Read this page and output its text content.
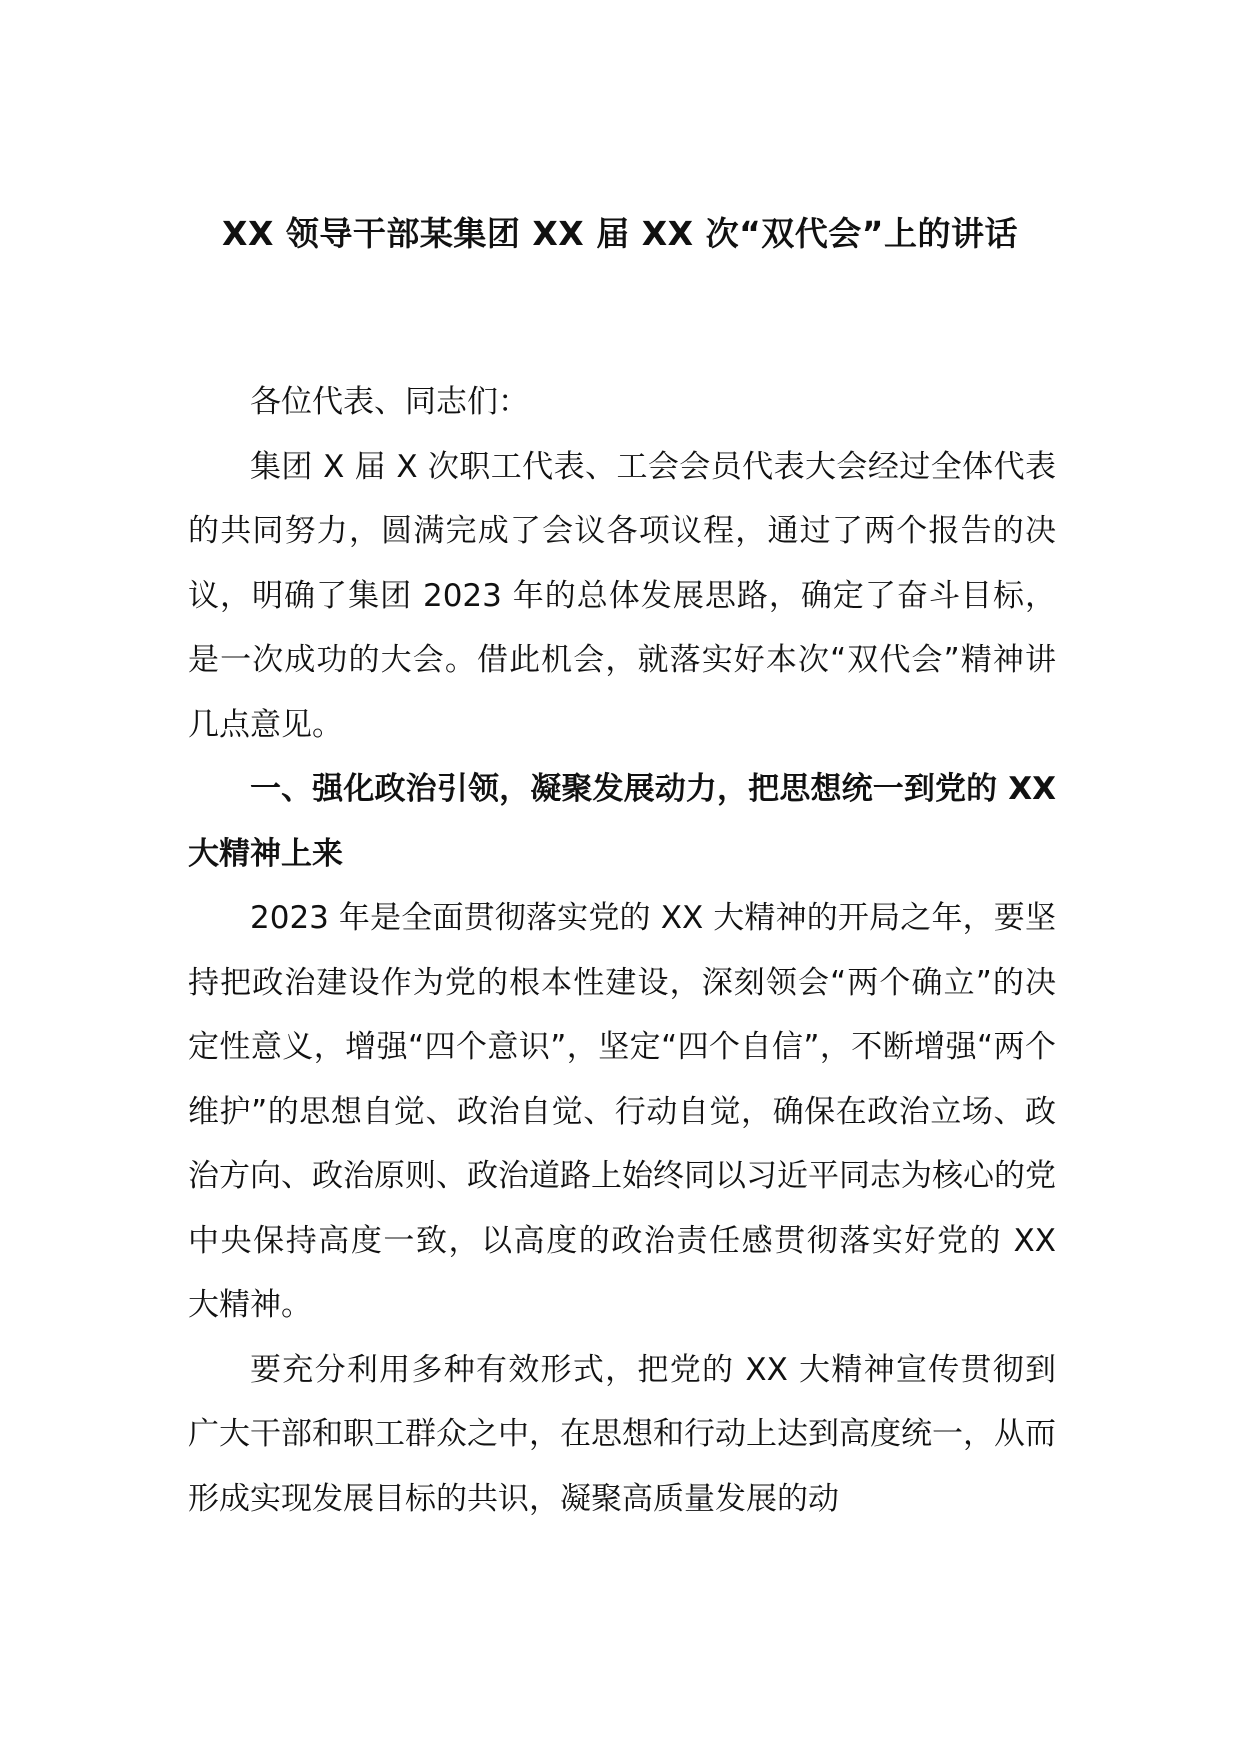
XX 领导干部某集团 XX 届 XX 次“双代会”上的讲话

各位代表、同志们：

集团 X 届 X 次职工代表、工会会员代表大会经过全体代表的共同努力，圆满完成了会议各项议程，通过了两个报告的决议，明确了集团 2023 年的总体发展思路，确定了奋斗目标，是一次成功的大会。借此机会，就落实好本次“双代会”精神讲几点意见。

一、强化政治引领，凝聚发展动力，把思想统一到党的 XX 大精神上来

2023 年是全面贯彻落实党的 XX 大精神的开局之年，要坚持把政治建设作为党的根本性建设，深刻领会“两个确立”的决定性意义，增强“四个意识”，坚定“四个自信”，不断增强“两个维护”的思想自觉、政治自觉、行动自觉，确保在政治立场、政治方向、政治原则、政治道路上始终同以习近平同志为核心的党中央保持高度一致，以高度的政治责任感贯彻落实好党的 XX 大精神。

要充分利用多种有效形式，把党的 XX 大精神宣传贯彻到广大干部和职工群众之中，在思想和行动上达到高度统一，从而形成实现发展目标的共识，凝聚高质量发展的动
